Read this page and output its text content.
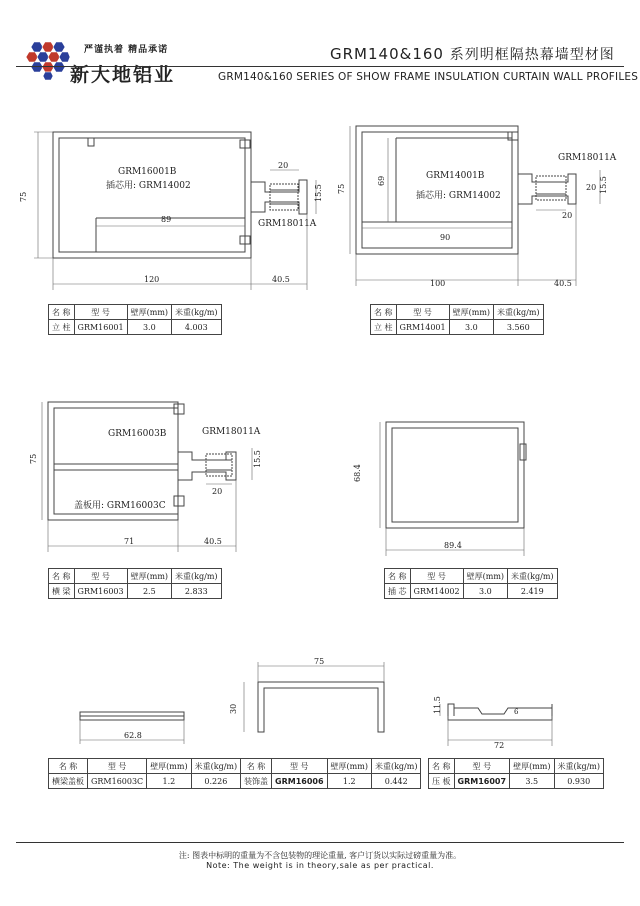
严谨执着 精品承诺
新大地铝业
GRM140&160 系列明框隔热幕墙型材图
GRM140&160 SERIES OF SHOW FRAME INSULATION CURTAIN WALL PROFILES
GRM16001B
插芯用: GRM14002
GRM18011A
75
20
15.5
89
120	40.5
GRM14001B
插芯用: GRM14002
GRM18011A
75
69
90
20 15.5
20
100	40.5
GRM16003B	GRM18011A
盖板用: GRM16003C
75
20
15.5
71	40.5
68.4
89.4
62.8
75
30	11.5	6
72
名 称	型 号	壁厚(mm)	米重(kg/m)
立 柱	GRM16001	3.0	4.003
名 称	型 号	壁厚(mm)	米重(kg/m)
立 柱	GRM14001	3.0	3.560
名 称	型 号	壁厚(mm)	米重(kg/m)
横 梁	GRM16003	2.5	2.833
名 称	型 号	壁厚(mm)	米重(kg/m)
插 芯	GRM14002	3.0	2.419
名 称	型 号	壁厚(mm)	米重(kg/m)
横梁盖板	GRM16003C	1.2	0.226
名 称	型 号	壁厚(mm)	米重(kg/m)
装饰盖	GRM16006	1.2	0.442
名 称	型 号	壁厚(mm)	米重(kg/m)
压 板	GRM16007	3.5	0.930
注: 图表中标明的重量为不含包装物的理论重量, 客户订货以实际过磅重量为准。
Note: The weight is in theory,sale as per practical.
